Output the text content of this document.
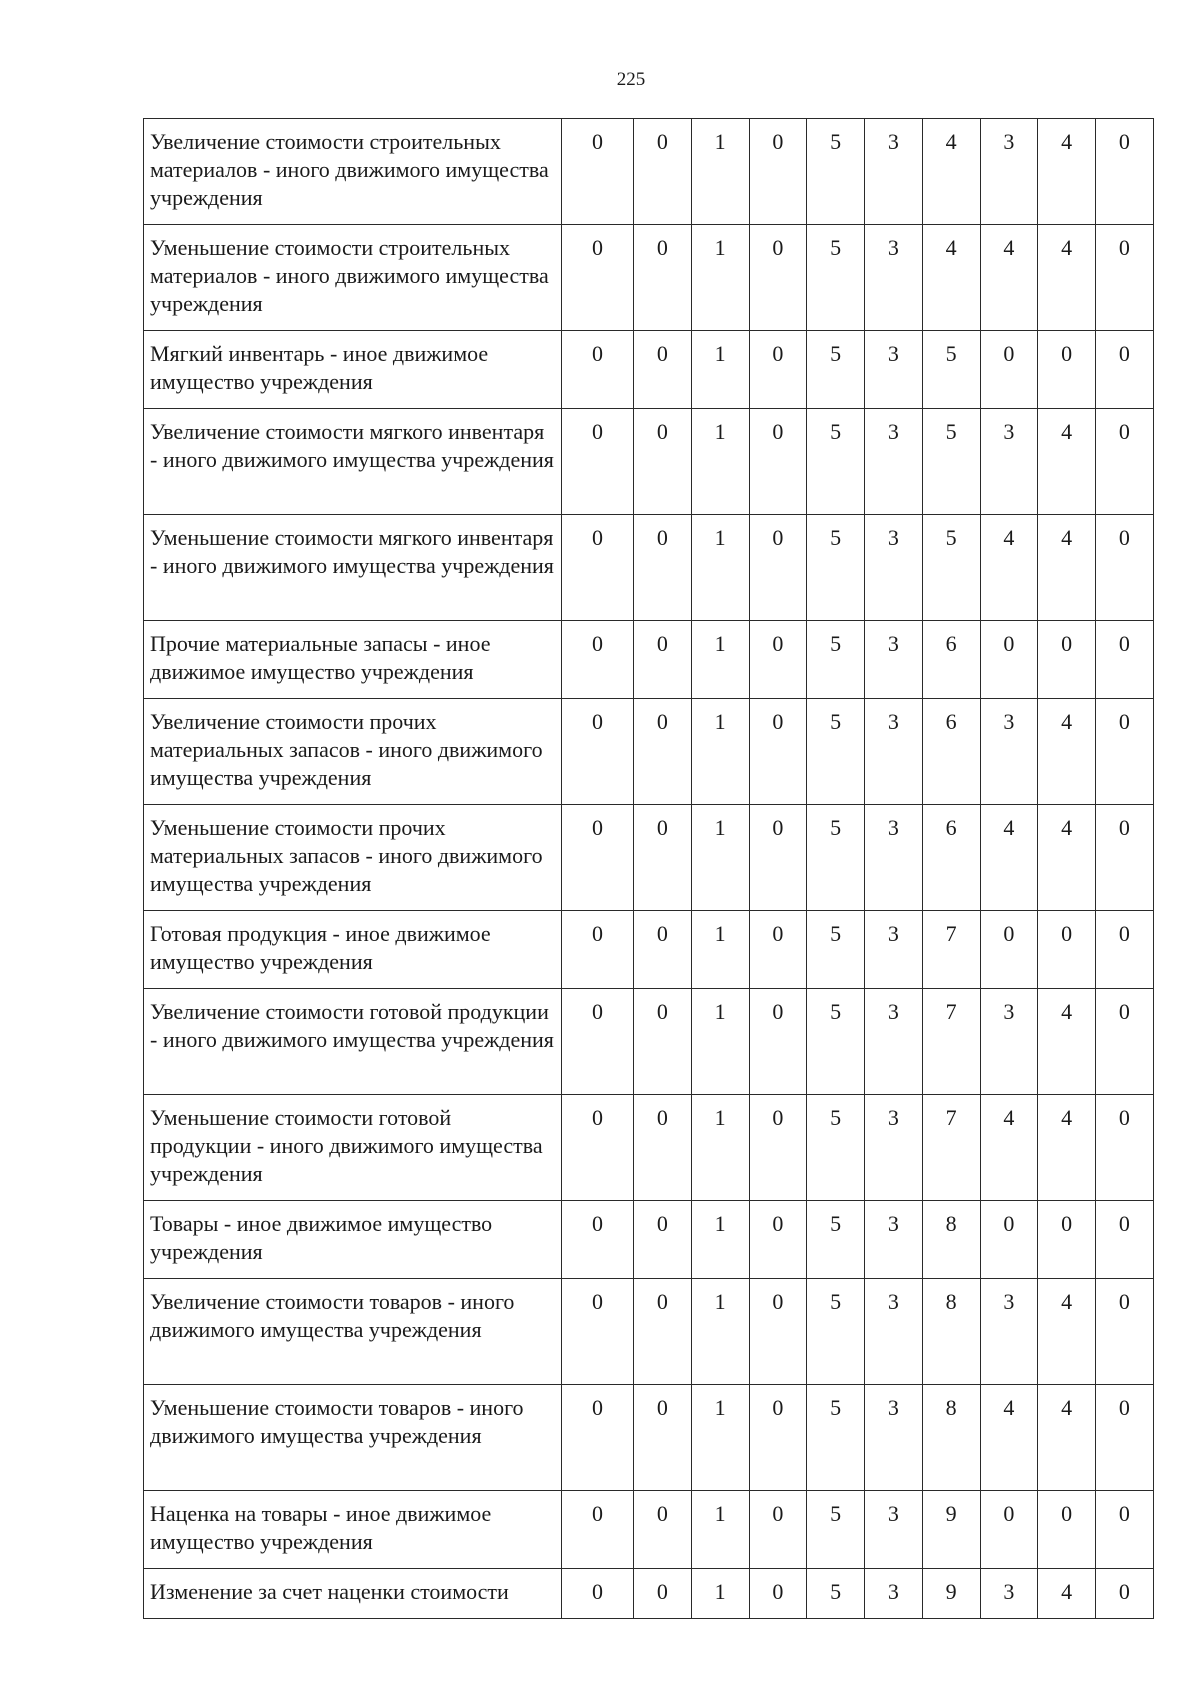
225
Увеличение стоимости строительных материалов - иного движимого имущества учреждения	0	0	1	0	5	3	4	3	4	0
Уменьшение стоимости строительных материалов - иного движимого имущества учреждения	0	0	1	0	5	3	4	4	4	0
Мягкий инвентарь - иное движимое имущество учреждения	0	0	1	0	5	3	5	0	0	0
Увеличение стоимости мягкого инвентаря - иного движимого имущества учреждения	0	0	1	0	5	3	5	3	4	0
Уменьшение стоимости мягкого инвентаря - иного движимого имущества учреждения	0	0	1	0	5	3	5	4	4	0
Прочие материальные запасы - иное движимое имущество учреждения	0	0	1	0	5	3	6	0	0	0
Увеличение стоимости прочих материальных запасов - иного движимого имущества учреждения	0	0	1	0	5	3	6	3	4	0
Уменьшение стоимости прочих материальных запасов - иного движимого имущества учреждения	0	0	1	0	5	3	6	4	4	0
Готовая продукция - иное движимое имущество учреждения	0	0	1	0	5	3	7	0	0	0
Увеличение стоимости готовой продукции - иного движимого имущества учреждения	0	0	1	0	5	3	7	3	4	0
Уменьшение стоимости готовой продукции - иного движимого имущества учреждения	0	0	1	0	5	3	7	4	4	0
Товары - иное движимое имущество учреждения	0	0	1	0	5	3	8	0	0	0
Увеличение стоимости товаров - иного движимого имущества учреждения	0	0	1	0	5	3	8	3	4	0
Уменьшение стоимости товаров - иного движимого имущества учреждения	0	0	1	0	5	3	8	4	4	0
Наценка на товары - иное движимое имущество учреждения	0	0	1	0	5	3	9	0	0	0
Изменение за счет наценки стоимости	0	0	1	0	5	3	9	3	4	0
